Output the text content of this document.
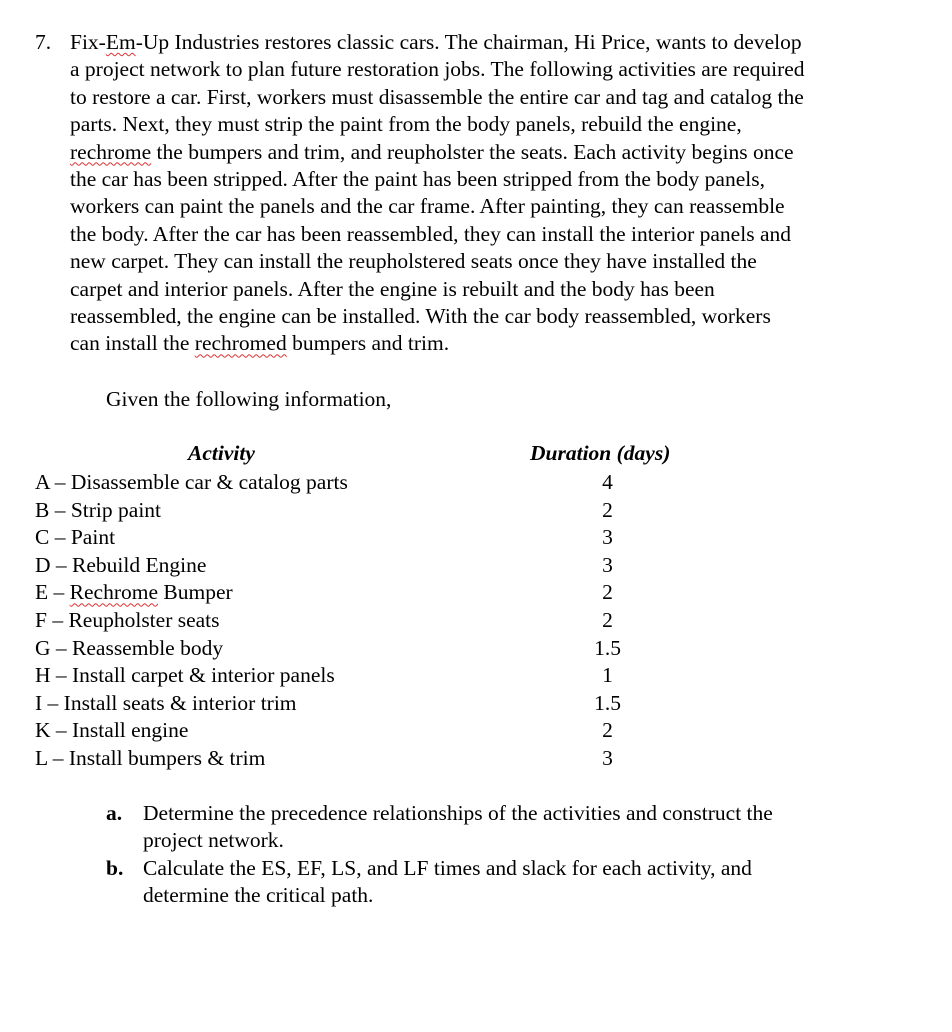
7. Fix-Em-Up Industries restores classic cars. The chairman, Hi Price, wants to develop
a project network to plan future restoration jobs. The following activities are required
to restore a car. First, workers must disassemble the entire car and tag and catalog the
parts. Next, they must strip the paint from the body panels, rebuild the engine,
rechrome the bumpers and trim, and reupholster the seats. Each activity begins once
the car has been stripped. After the paint has been stripped from the body panels,
workers can paint the panels and the car frame. After painting, they can reassemble
the body. After the car has been reassembled, they can install the interior panels and
new carpet. They can install the reupholstered seats once they have installed the
carpet and interior panels. After the engine is rebuilt and the body has been
reassembled, the engine can be installed. With the car body reassembled, workers
can install the rechromed bumpers and trim.
Given the following information,
Activity	Duration (days)
A – Disassemble car & catalog parts	4
B – Strip paint	2
C – Paint	3
D – Rebuild Engine	3
E – Rechrome Bumper	2
F – Reupholster seats	2
G – Reassemble body	1.5
H – Install carpet & interior panels	1
I – Install seats & interior trim	1.5
K – Install engine	2
L – Install bumpers & trim	3
a. Determine the precedence relationships of the activities and construct the
project network.
b. Calculate the ES, EF, LS, and LF times and slack for each activity, and
determine the critical path.
